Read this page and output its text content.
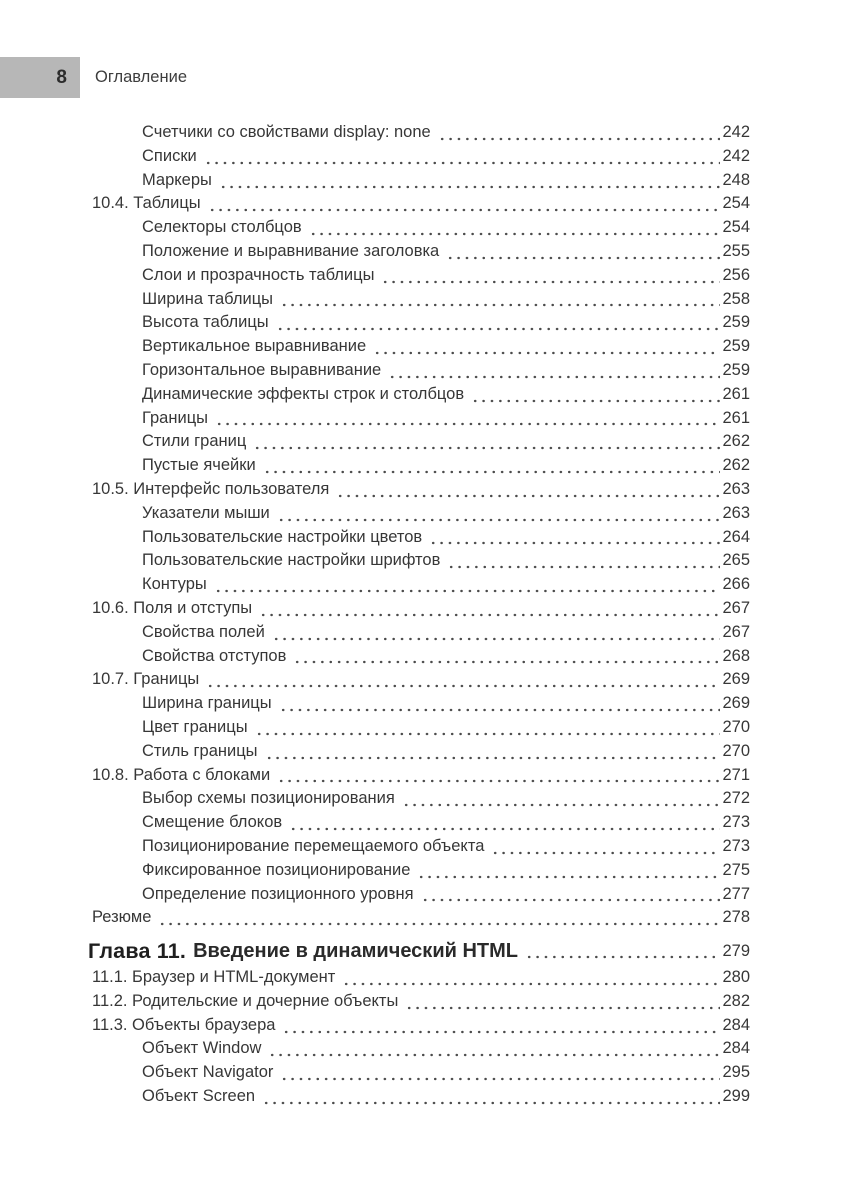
8	Оглавление
Счетчики со свойствами display: none	242
Списки	242
Маркеры	248
10.4. Таблицы	254
Селекторы столбцов	254
Положение и выравнивание заголовка	255
Слои и прозрачность таблицы	256
Ширина таблицы	258
Высота таблицы	259
Вертикальное выравнивание	259
Горизонтальное выравнивание	259
Динамические эффекты строк и столбцов	261
Границы	261
Стили границ	262
Пустые ячейки	262
10.5. Интерфейс пользователя	263
Указатели мыши	263
Пользовательские настройки цветов	264
Пользовательские настройки шрифтов	265
Контуры	266
10.6. Поля и отступы	267
Свойства полей	267
Свойства отступов	268
10.7. Границы	269
Ширина границы	269
Цвет границы	270
Стиль границы	270
10.8. Работа с блоками	271
Выбор схемы позиционирования	272
Смещение блоков	273
Позиционирование перемещаемого объекта	273
Фиксированное позиционирование	275
Определение позиционного уровня	277
Резюме	278
Глава 11. Введение в динамический HTML	279
11.1. Браузер и HTML-документ	280
11.2. Родительские и дочерние объекты	282
11.3. Объекты браузера	284
Объект Window	284
Объект Navigator	295
Объект Screen	299
